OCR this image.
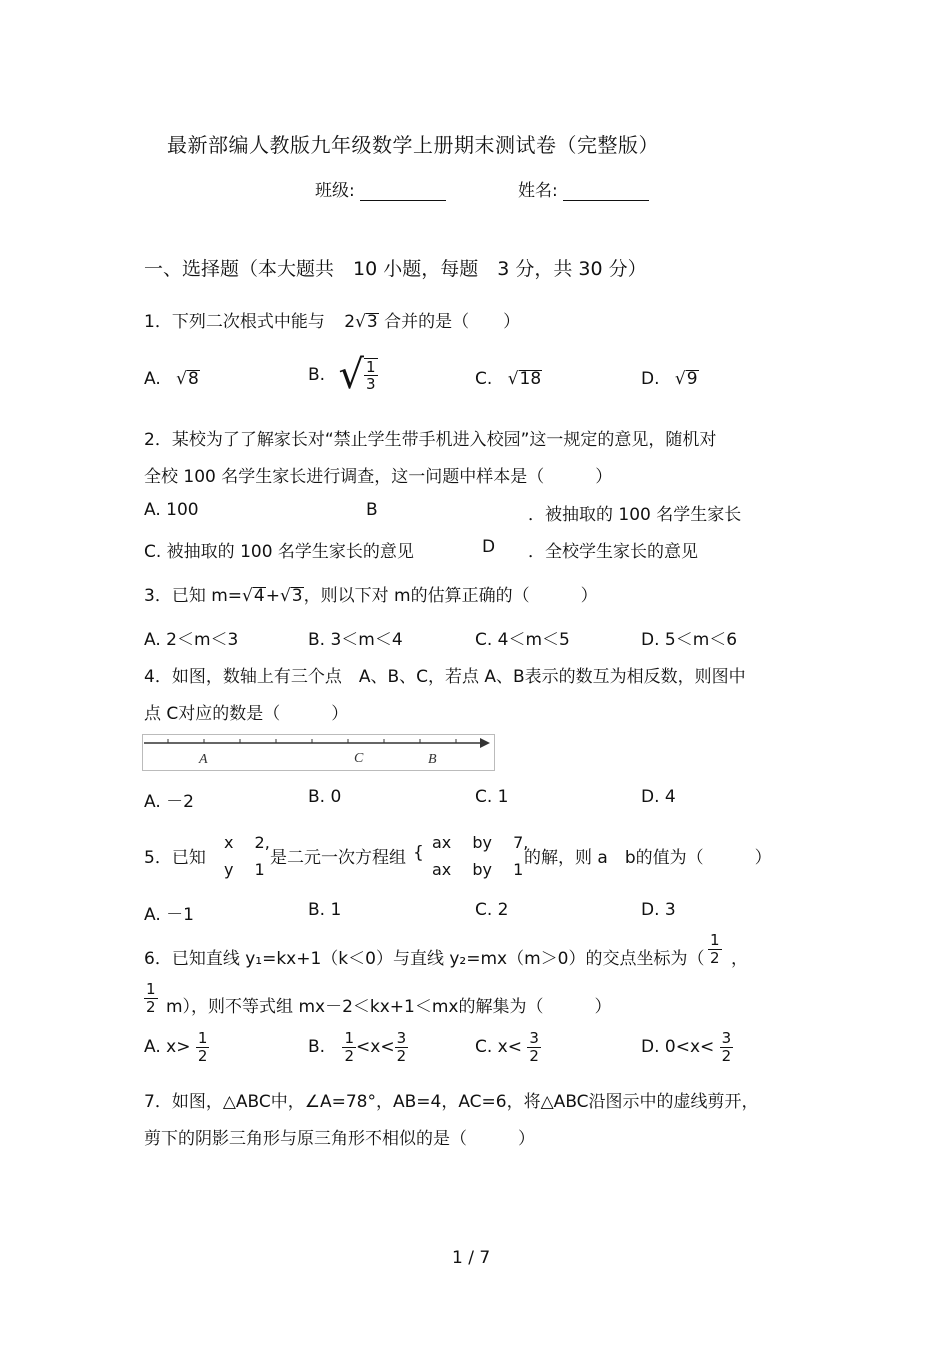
最新部编人教版九年级数学上册期末测试卷（完整版）
班级:	姓名:
一、选择题（本大题共　10 小题，每题　3 分，共 30 分）
1．下列二次根式中能与 2√3 合并的是（　　）
A. √8	B. √ $\frac{1}{3}$	C. √18	D. √9
2．某校为了了解家长对“禁止学生带手机进入校园”这一规定的意见，随机对
全校 100 名学生家长进行调查，这一问题中样本是（　　　）
A. 100	B	．被抽取的 100 名学生家长
C. 被抽取的 100 名学生家长的意见	D ．全校学生家长的意见
3．已知 m=√4+√3，则以下对 m的估算正确的（　　　）
A. 2＜m＜3	B. 3＜m＜4	C. 4＜m＜5	D. 5＜m＜6
4．如图，数轴上有三个点　A、B、C，若点 A、B表示的数互为相反数，则图中
点 C对应的数是（　　　）
A	C	B
A. －2	B. 0	C. 1	D. 4
5．已知
x　 2,
y　 1
是二元一次方程组 {
ax　 by　 7,
ax　 by　 1
的解，则 a　b的值为（　　　）
A. －1	B. 1	C. 2	D. 3
6．已知直线 y₁=kx+1（k＜0）与直线 y₂=mx（m＞0）的交点坐标为（ $\frac{1}{2}$ ，
$\frac{1}{2} m$），则不等式组 mx－2＜kx+1＜mx的解集为（　　　）
A. $x> \frac{1}{2}$	B. $\frac{1}{2} <x< \frac{3}{2}$	C. $x< \frac{3}{2}$	D. $0<x< \frac{3}{2}$
7．如图，△ABC中，∠A=78°，AB=4，AC=6，将△ABC沿图示中的虚线剪开，
剪下的阴影三角形与原三角形不相似的是（　　　）
1 / 7
